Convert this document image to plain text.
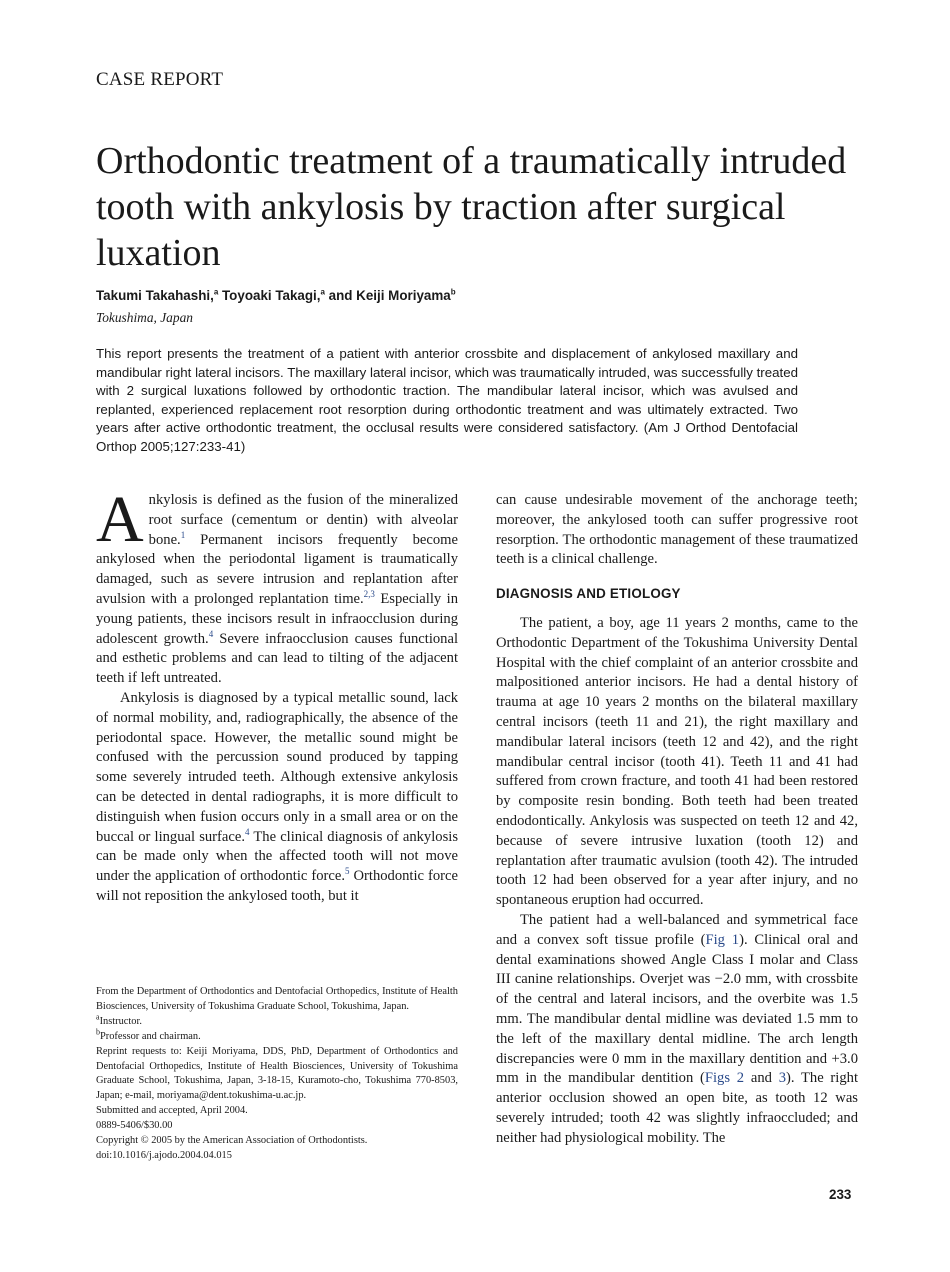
CASE REPORT
Orthodontic treatment of a traumatically intruded tooth with ankylosis by traction after surgical luxation
Takumi Takahashi,$^a$ Toyoaki Takagi,$^a$ and Keiji Moriyama$^b$
Tokushima, Japan

This report presents the treatment of a patient with anterior crossbite and displacement of ankylosed maxillary and mandibular right lateral incisors. The maxillary lateral incisor, which was traumatically intruded, was successfully treated with 2 surgical luxations followed by orthodontic traction. The mandibular lateral incisor, which was avulsed and replanted, experienced replacement root resorption during orthodontic treatment and was ultimately extracted. Two years after active orthodontic treatment, the occlusal results were considered satisfactory. (Am J Orthod Dentofacial Orthop 2005;127:233-41)

Ankylosis is defined as the fusion of the mineralized root surface (cementum or dentin) with alveolar bone.$^1$ Permanent incisors frequently become ankylosed when the periodontal ligament is traumatically damaged, such as severe intrusion and replantation after avulsion with a prolonged replantation time.$^{2,3}$ Especially in young patients, these incisors result in infraocclusion during adolescent growth.$^4$ Severe infraocclusion causes functional and esthetic problems and can lead to tilting of the adjacent teeth if left untreated.

Ankylosis is diagnosed by a typical metallic sound, lack of normal mobility, and, radiographically, the absence of the periodontal space. However, the metallic sound might be confused with the percussion sound produced by tapping some severely intruded teeth. Although extensive ankylosis can be detected in dental radiographs, it is more difficult to distinguish when fusion occurs only in a small area or on the buccal or lingual surface.$^4$ The clinical diagnosis of ankylosis can be made only when the affected tooth will not move under the application of orthodontic force.$^5$ Orthodontic force will not reposition the ankylosed tooth, but it

From the Department of Orthodontics and Dentofacial Orthopedics, Institute of Health Biosciences, University of Tokushima Graduate School, Tokushima, Japan.

$^a$Instructor.

$^b$Professor and chairman.

Reprint requests to: Keiji Moriyama, DDS, PhD, Department of Orthodontics and Dentofacial Orthopedics, Institute of Health Biosciences, University of Tokushima Graduate School, Tokushima, Japan, 3-18-15, Kuramoto-cho, Tokushima 770-8503, Japan; e-mail, moriyama@dent.tokushima-u.ac.jp.

Submitted and accepted, April 2004.

0889-5406/$30.00

Copyright © 2005 by the American Association of Orthodontists.

doi:10.1016/j.ajodo.2004.04.015

can cause undesirable movement of the anchorage teeth; moreover, the ankylosed tooth can suffer progressive root resorption. The orthodontic management of these traumatized teeth is a clinical challenge.

DIAGNOSIS AND ETIOLOGY

The patient, a boy, age 11 years 2 months, came to the Orthodontic Department of the Tokushima University Dental Hospital with the chief complaint of an anterior crossbite and malpositioned anterior incisors. He had a dental history of trauma at age 10 years 2 months on the bilateral maxillary central incisors (teeth 11 and 21), the right maxillary and mandibular lateral incisors (teeth 12 and 42), and the right mandibular central incisor (tooth 41). Teeth 11 and 41 had suffered from crown fracture, and tooth 41 had been restored by composite resin bonding. Both teeth had been treated endodontically. Ankylosis was suspected on teeth 12 and 42, because of severe intrusive luxation (tooth 12) and replantation after traumatic avulsion (tooth 42). The intruded tooth 12 had been observed for a year after injury, and no spontaneous eruption had occurred.

The patient had a well-balanced and symmetrical face and a convex soft tissue profile (Fig 1). Clinical oral and dental examinations showed Angle Class I molar and Class III canine relationships. Overjet was −2.0 mm, with crossbite of the central and lateral incisors, and the overbite was 1.5 mm. The mandibular dental midline was deviated 1.5 mm to the left of the maxillary dental midline. The arch length discrepancies were 0 mm in the maxillary dentition and +3.0 mm in the mandibular dentition (Figs 2 and 3). The right anterior occlusion showed an open bite, as tooth 12 was severely intruded; tooth 42 was slightly infraoccluded; and neither had physiological mobility. The

233
